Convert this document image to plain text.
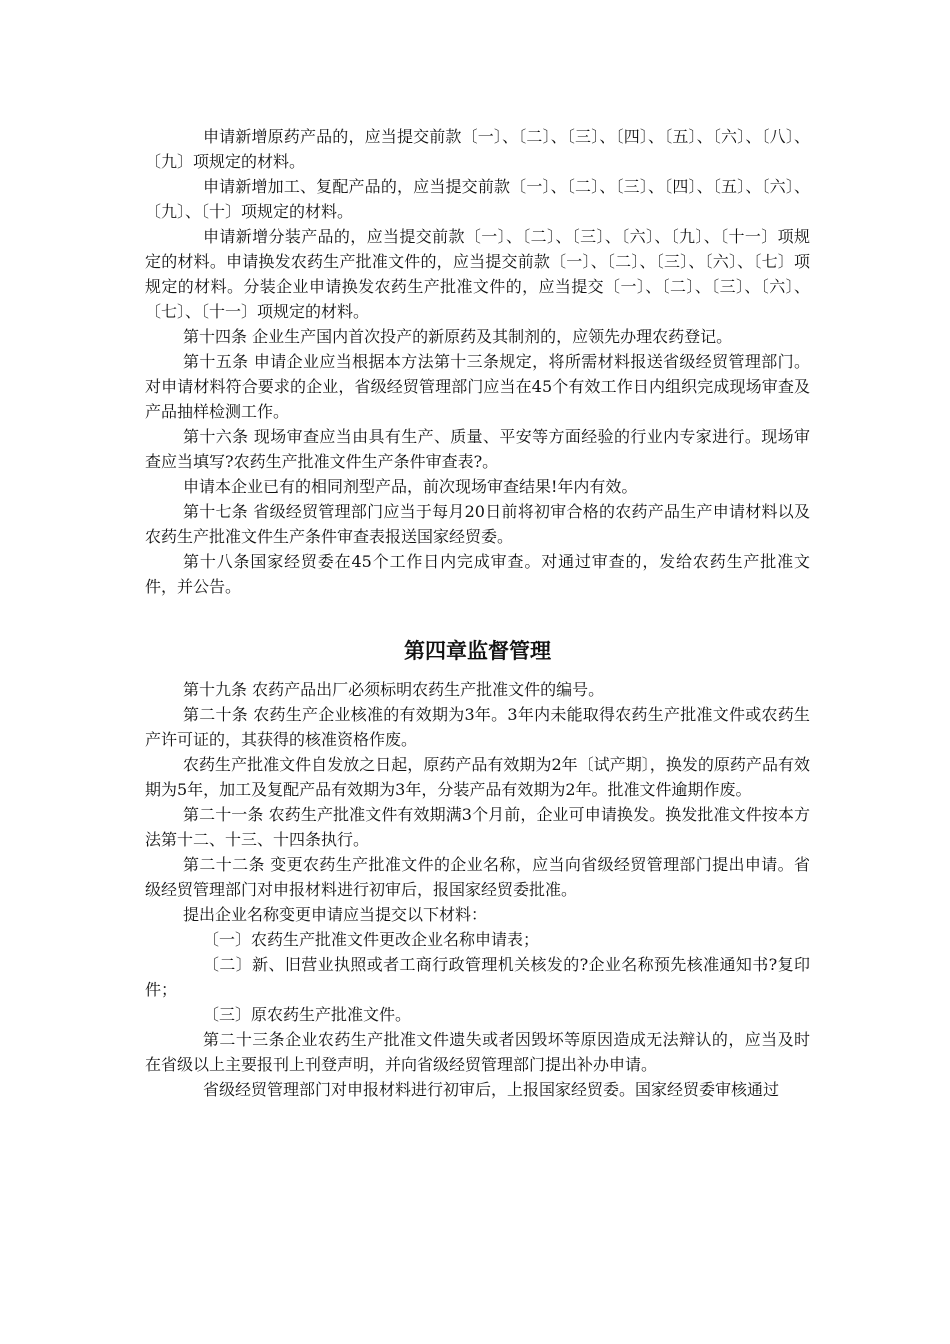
申请新增原药产品的，应当提交前款〔一〕、〔二〕、〔三〕、〔四〕、〔五〕、〔六〕、〔八〕、〔九〕项规定的材料。

申请新增加工、复配产品的，应当提交前款〔一〕、〔二〕、〔三〕、〔四〕、〔五〕、〔六〕、〔九〕、〔十〕项规定的材料。

申请新增分装产品的，应当提交前款〔一〕、〔二〕、〔三〕、〔六〕、〔九〕、〔十一〕项规定的材料。申请换发农药生产批准文件的，应当提交前款〔一〕、〔二〕、〔三〕、〔六〕、〔七〕项规定的材料。分装企业申请换发农药生产批准文件的，应当提交〔一〕、〔二〕、〔三〕、〔六〕、〔七〕、〔十一〕项规定的材料。

第十四条 企业生产国内首次投产的新原药及其制剂的，应领先办理农药登记。

第十五条 申请企业应当根据本方法第十三条规定，将所需材料报送省级经贸管理部门。对申请材料符合要求的企业，省级经贸管理部门应当在45个有效工作日内组织完成现场审查及产品抽样检测工作。

第十六条 现场审查应当由具有生产、质量、平安等方面经验的行业内专家进行。现场审查应当填写?农药生产批准文件生产条件审查表?。

申请本企业已有的相同剂型产品，前次现场审查结果!年内有效。

第十七条 省级经贸管理部门应当于每月20日前将初审合格的农药产品生产申请材料以及农药生产批准文件生产条件审查表报送国家经贸委。

第十八条国家经贸委在45个工作日内完成审查。对通过审查的，发给农药生产批准文件，并公告。

第四章监督管理

第十九条 农药产品出厂必须标明农药生产批准文件的编号。

第二十条 农药生产企业核准的有效期为3年。3年内未能取得农药生产批准文件或农药生产许可证的，其获得的核准资格作废。

农药生产批准文件自发放之日起，原药产品有效期为2年〔试产期〕，换发的原药产品有效期为5年，加工及复配产品有效期为3年，分装产品有效期为2年。批准文件逾期作废。

第二十一条 农药生产批准文件有效期满3个月前，企业可申请换发。换发批准文件按本方法第十二、十三、十四条执行。

第二十二条 变更农药生产批准文件的企业名称，应当向省级经贸管理部门提出申请。省级经贸管理部门对申报材料进行初审后，报国家经贸委批准。

提出企业名称变更申请应当提交以下材料：

〔一〕农药生产批准文件更改企业名称申请表；

〔二〕新、旧营业执照或者工商行政管理机关核发的?企业名称预先核准通知书?复印件；

〔三〕原农药生产批准文件。

第二十三条企业农药生产批准文件遗失或者因毁坏等原因造成无法辩认的，应当及时在省级以上主要报刊上刊登声明，并向省级经贸管理部门提出补办申请。

省级经贸管理部门对申报材料进行初审后，上报国家经贸委。国家经贸委审核通过
